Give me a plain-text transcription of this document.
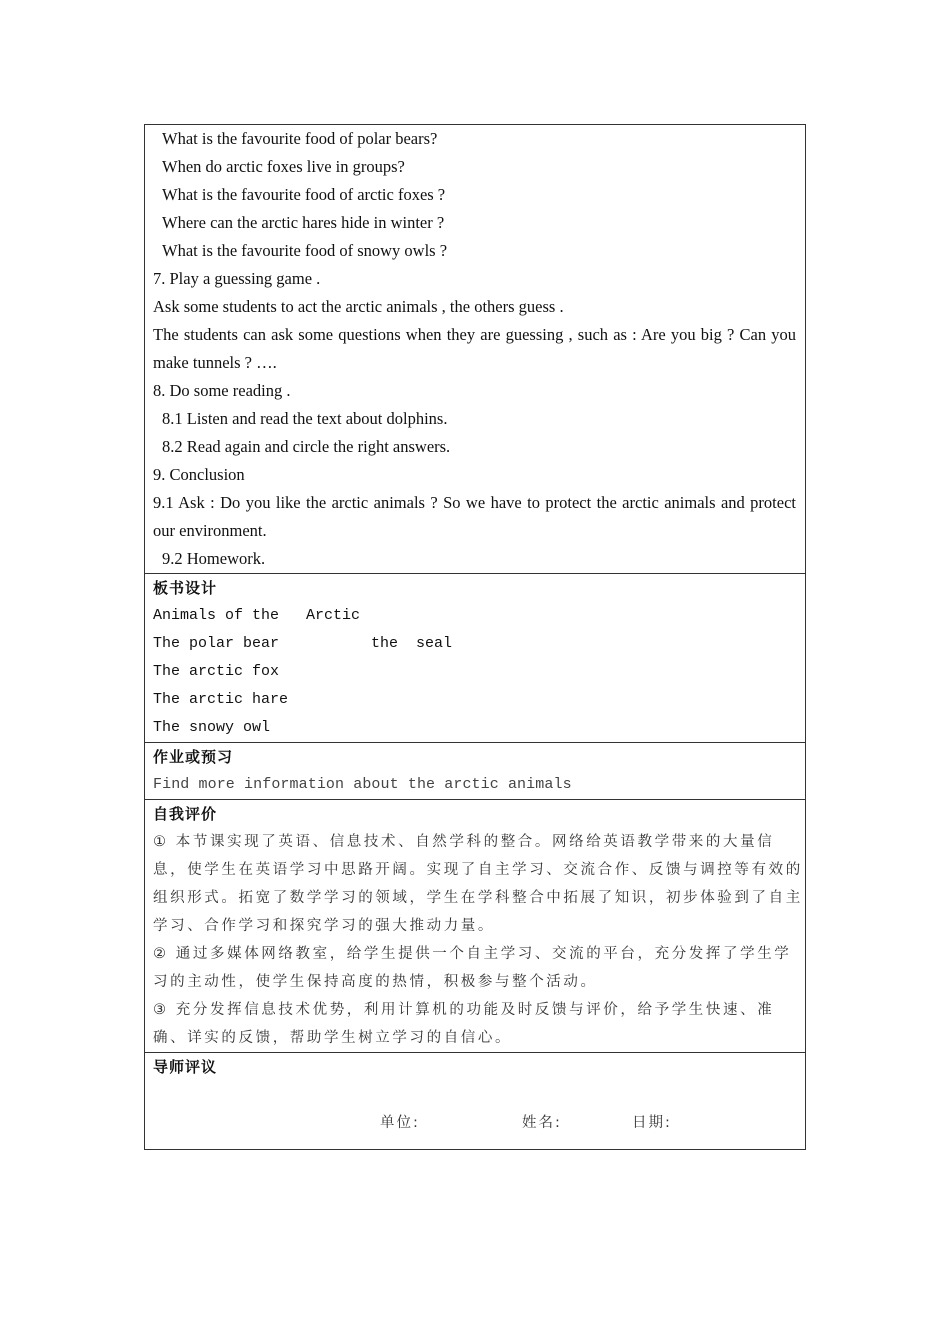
What is the favourite food of polar bears?
When do arctic foxes live in groups?
What is the favourite food of arctic foxes ?
Where can the arctic hares hide in winter ?
What is the favourite food of snowy owls ?
7. Play a guessing game .
Ask some students to act the arctic animals , the others guess .
The students can ask some questions when they are guessing , such as : Are you big ? Can you make tunnels ? ….
8. Do some reading .
8.1 Listen and read the text about dolphins.
8.2 Read again and circle the right answers.
9. Conclusion
9.1 Ask : Do you like the arctic animals ? So we have to protect the arctic animals and protect our environment.
9.2 Homework.
板书设计
Animals of the   Arctic
The polar bear	the  seal
The arctic fox
The arctic hare
The snowy owl
作业或预习
Find more information about the arctic animals
自我评价
① 本节课实现了英语、信息技术、自然学科的整合。网络给英语教学带来的大量信
息，使学生在英语学习中思路开阔。实现了自主学习、交流合作、反馈与调控等有效的
组织形式。拓宽了数学学习的领域，学生在学科整合中拓展了知识，初步体验到了自主
学习、合作学习和探究学习的强大推动力量。
② 通过多媒体网络教室，给学生提供一个自主学习、交流的平台，充分发挥了学生学
习的主动性，使学生保持高度的热情，积极参与整个活动。
③ 充分发挥信息技术优势，利用计算机的功能及时反馈与评价，给予学生快速、准
确、详实的反馈，帮助学生树立学习的自信心。
导师评议
单位:	姓名:	日期:
